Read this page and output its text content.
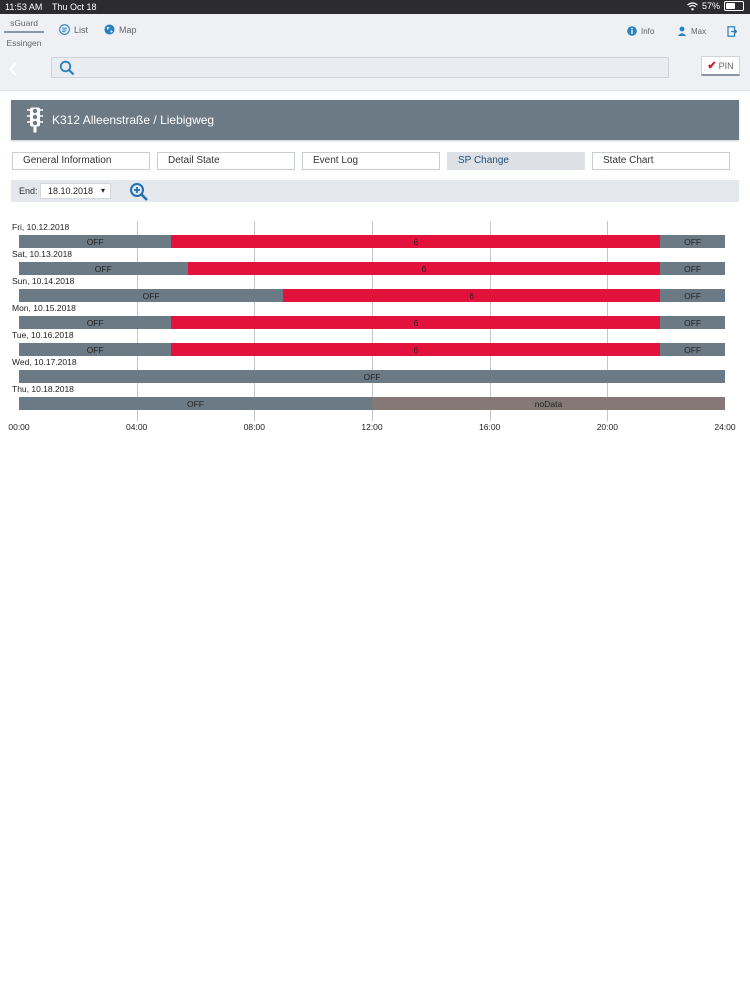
11:53 AM Thu Oct 18	57%
sGuard
Essingen
List	Map	Info	Max
✔ PIN
K312 Alleenstraße / Liebigweg
General Information	Detail State	Event Log	SP Change	State Chart
End:	18.10.2018 ▾
Fri, 10.12.2018
OFF	6	OFF
Sat, 10.13.2018
OFF	6	OFF
Sun, 10.14.2018
OFF	6	OFF
Mon, 10.15.2018
OFF	6	OFF
Tue, 10.16.2018
OFF	6	OFF
Wed, 10.17.2018
OFF
Thu, 10.18.2018
OFF	noData
00:00	04:00	08:00	12:00	16:00	20:00	24:00
